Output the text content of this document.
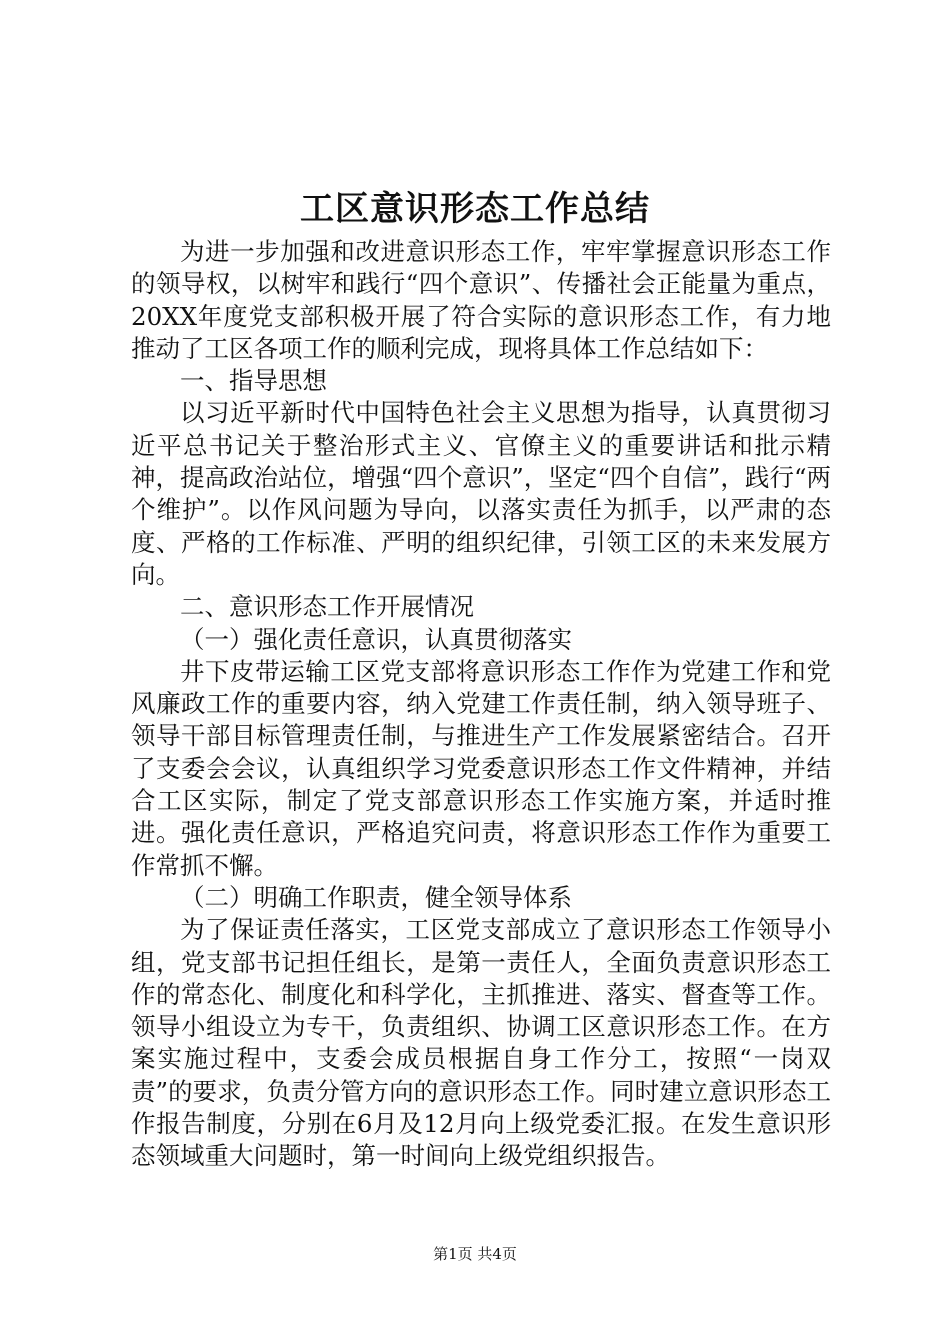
工区意识形态工作总结

为进一步加强和改进意识形态工作，牢牢掌握意识形态工作的领导权，以树牢和践行“四个意识”、传播社会正能量为重点，20XX年度党支部积极开展了符合实际的意识形态工作，有力地推动了工区各项工作的顺利完成，现将具体工作总结如下：

一、指导思想

以习近平新时代中国特色社会主义思想为指导，认真贯彻习近平总书记关于整治形式主义、官僚主义的重要讲话和批示精神，提高政治站位，增强“四个意识”，坚定“四个自信”，践行“两个维护”。以作风问题为导向，以落实责任为抓手，以严肃的态度、严格的工作标准、严明的组织纪律，引领工区的未来发展方向。

二、意识形态工作开展情况

（一）强化责任意识，认真贯彻落实

井下皮带运输工区党支部将意识形态工作作为党建工作和党风廉政工作的重要内容，纳入党建工作责任制，纳入领导班子、领导干部目标管理责任制，与推进生产工作发展紧密结合。召开了支委会会议，认真组织学习党委意识形态工作文件精神，并结合工区实际，制定了党支部意识形态工作实施方案，并适时推进。强化责任意识，严格追究问责，将意识形态工作作为重要工作常抓不懈。

（二）明确工作职责，健全领导体系

为了保证责任落实，工区党支部成立了意识形态工作领导小组，党支部书记担任组长，是第一责任人，全面负责意识形态工作的常态化、制度化和科学化，主抓推进、落实、督查等工作。领导小组设立为专干，负责组织、协调工区意识形态工作。在方案实施过程中，支委会成员根据自身工作分工，按照“一岗双责”的要求，负责分管方向的意识形态工作。同时建立意识形态工作报告制度，分别在6月及12月向上级党委汇报。在发生意识形态领域重大问题时，第一时间向上级党组织报告。

第1页 共4页
